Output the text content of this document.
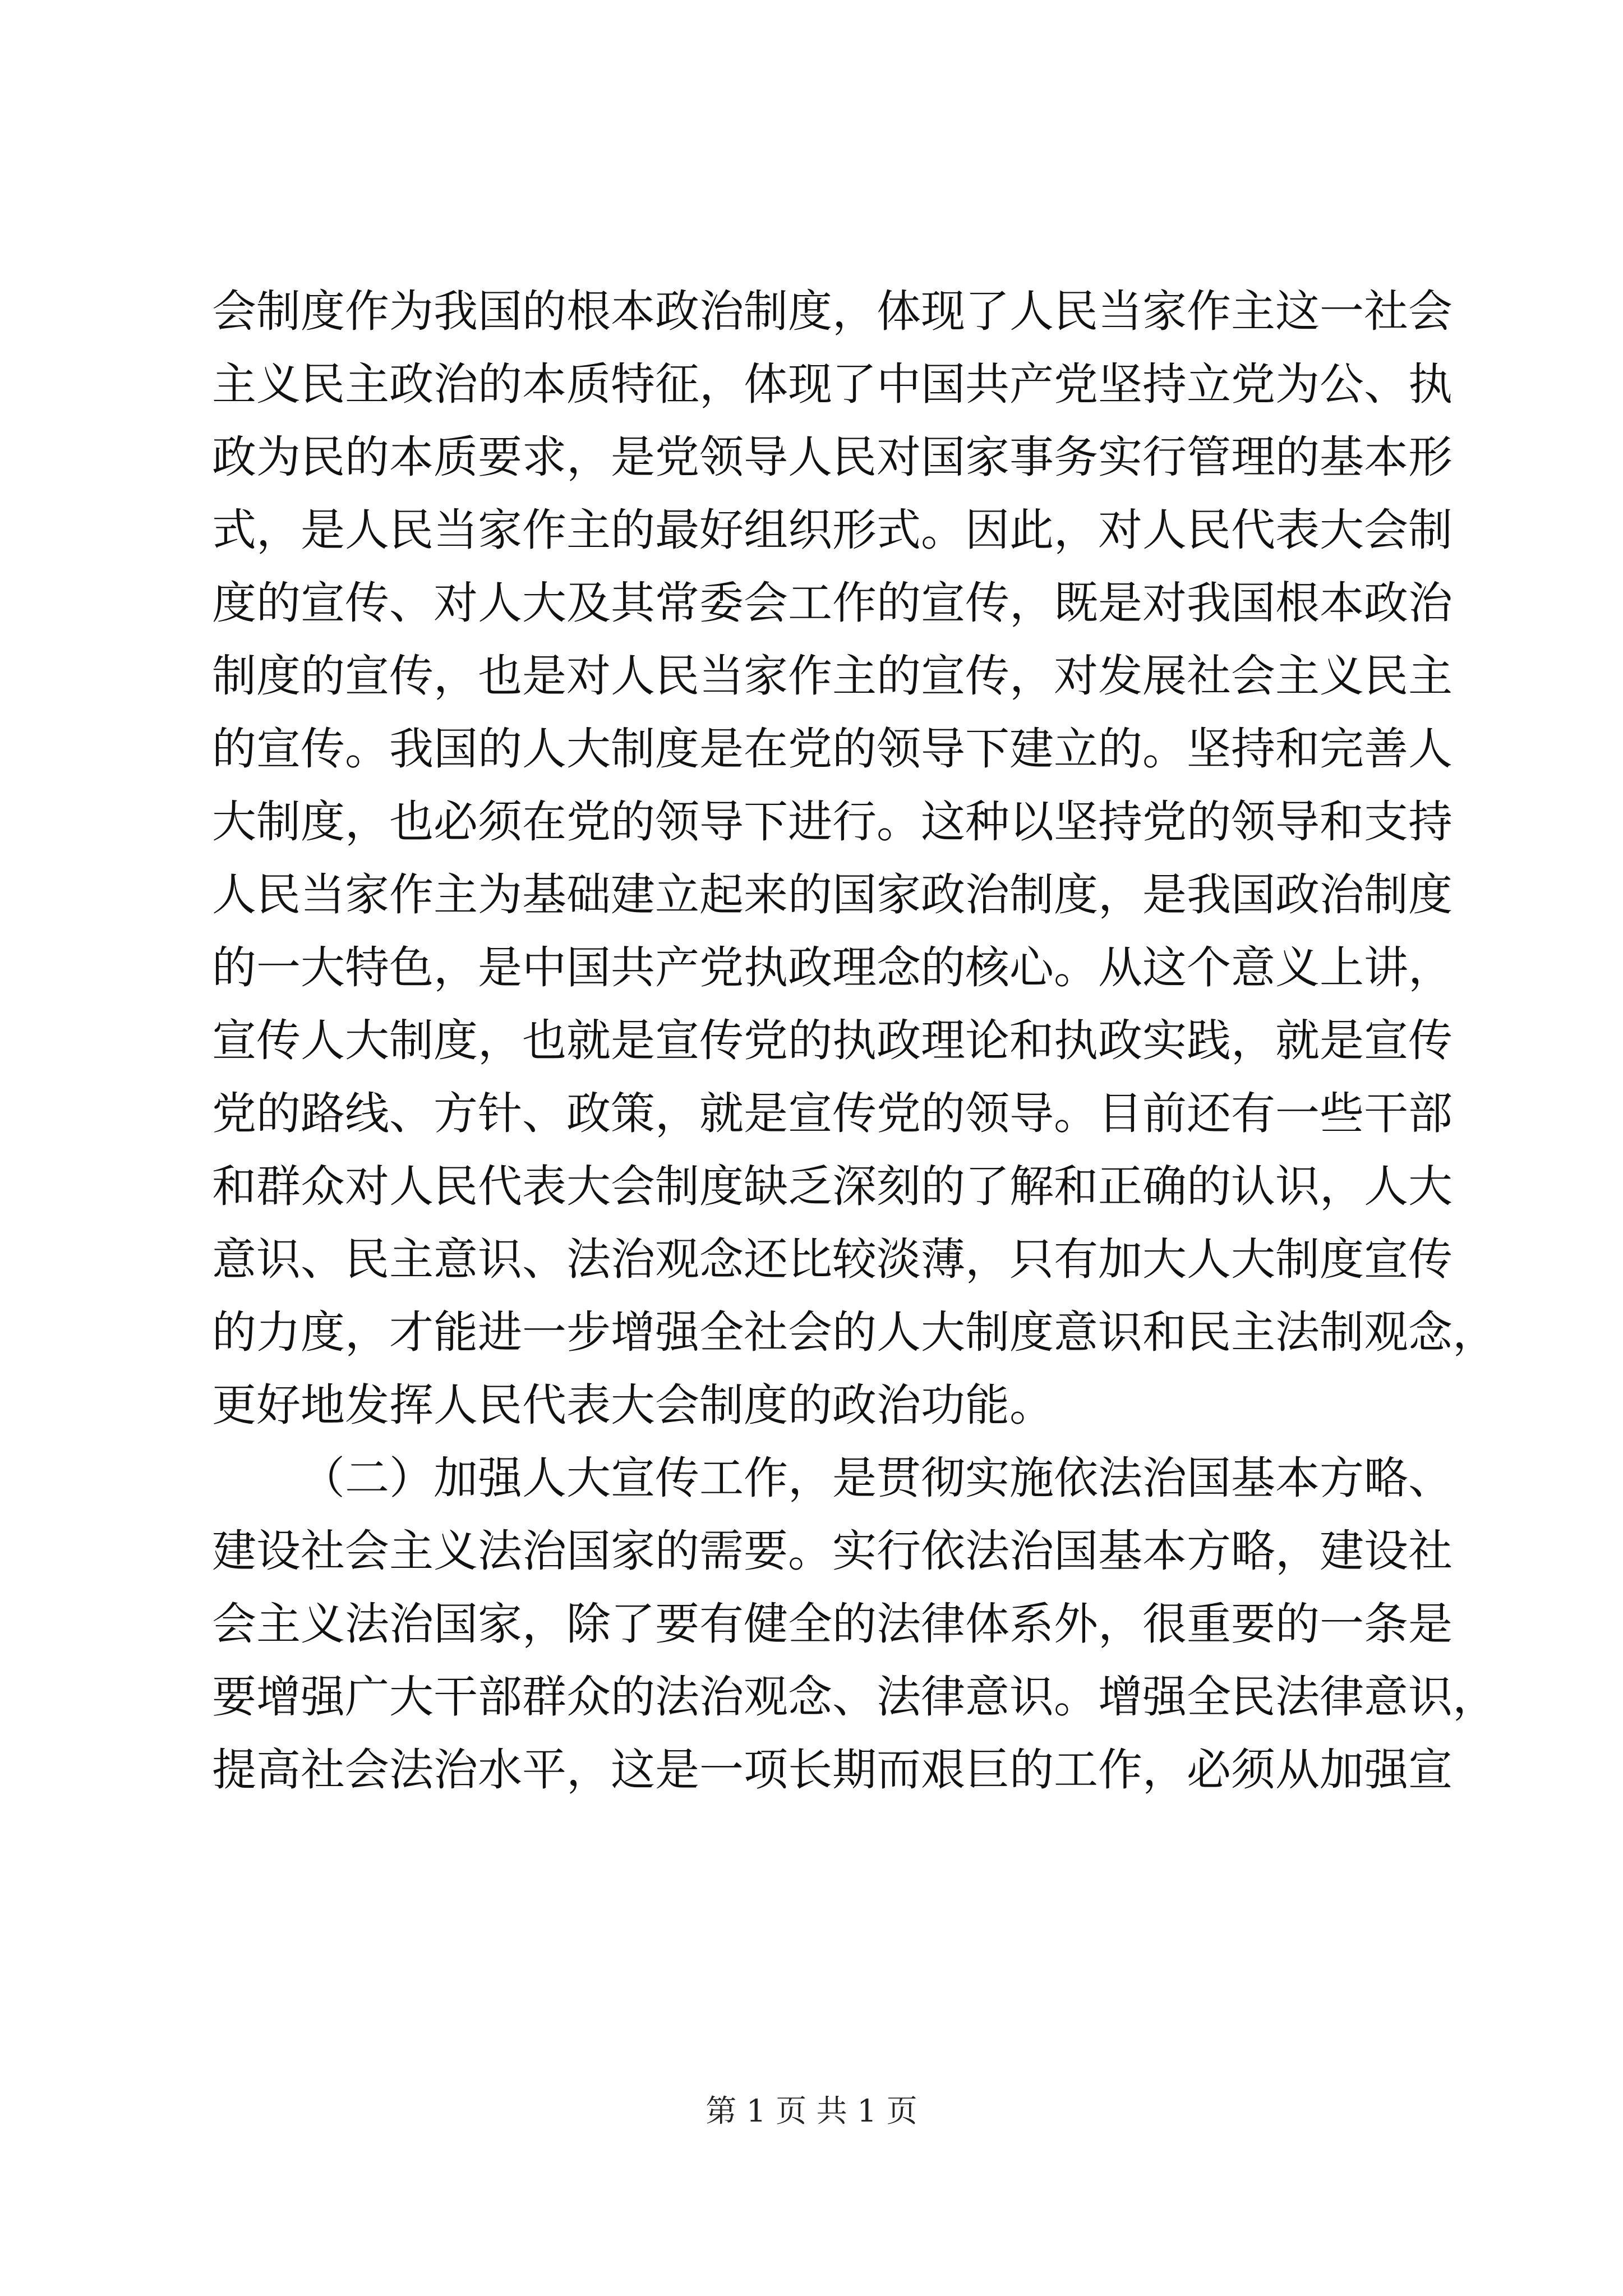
会制度作为我国的根本政治制度，体现了人民当家作主这一社会
主义民主政治的本质特征，体现了中国共产党坚持立党为公、执
政为民的本质要求，是党领导人民对国家事务实行管理的基本形
式，是人民当家作主的最好组织形式。因此，对人民代表大会制
度的宣传、对人大及其常委会工作的宣传，既是对我国根本政治
制度的宣传，也是对人民当家作主的宣传，对发展社会主义民主
的宣传。我国的人大制度是在党的领导下建立的。坚持和完善人
大制度，也必须在党的领导下进行。这种以坚持党的领导和支持
人民当家作主为基础建立起来的国家政治制度，是我国政治制度
的一大特色，是中国共产党执政理念的核心。从这个意义上讲，
宣传人大制度，也就是宣传党的执政理论和执政实践，就是宣传
党的路线、方针、政策，就是宣传党的领导。目前还有一些干部
和群众对人民代表大会制度缺乏深刻的了解和正确的认识，人大
意识、民主意识、法治观念还比较淡薄，只有加大人大制度宣传
的力度，才能进一步增强全社会的人大制度意识和民主法制观念，
更好地发挥人民代表大会制度的政治功能。
（二）加强人大宣传工作，是贯彻实施依法治国基本方略、
建设社会主义法治国家的需要。实行依法治国基本方略，建设社
会主义法治国家，除了要有健全的法律体系外，很重要的一条是
要增强广大干部群众的法治观念、法律意识。增强全民法律意识，
提高社会法治水平，这是一项长期而艰巨的工作，必须从加强宣
第 1 页 共 1 页
